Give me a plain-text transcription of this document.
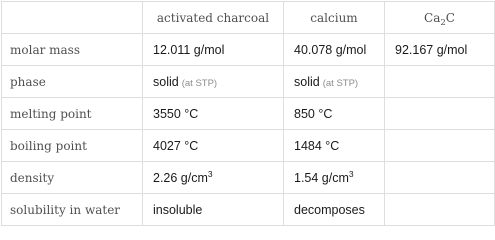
	activated charcoal	calcium	$Ca_2C$
molar mass	12.011 g/mol	40.078 g/mol	92.167 g/mol
phase	solid (at STP)	solid (at STP)	
melting point	3550 °C	850 °C	
boiling point	4027 °C	1484 °C	
density	2.26 $g/cm^3$	1.54 $g/cm^3$	
solubility in water	insoluble	decomposes	
